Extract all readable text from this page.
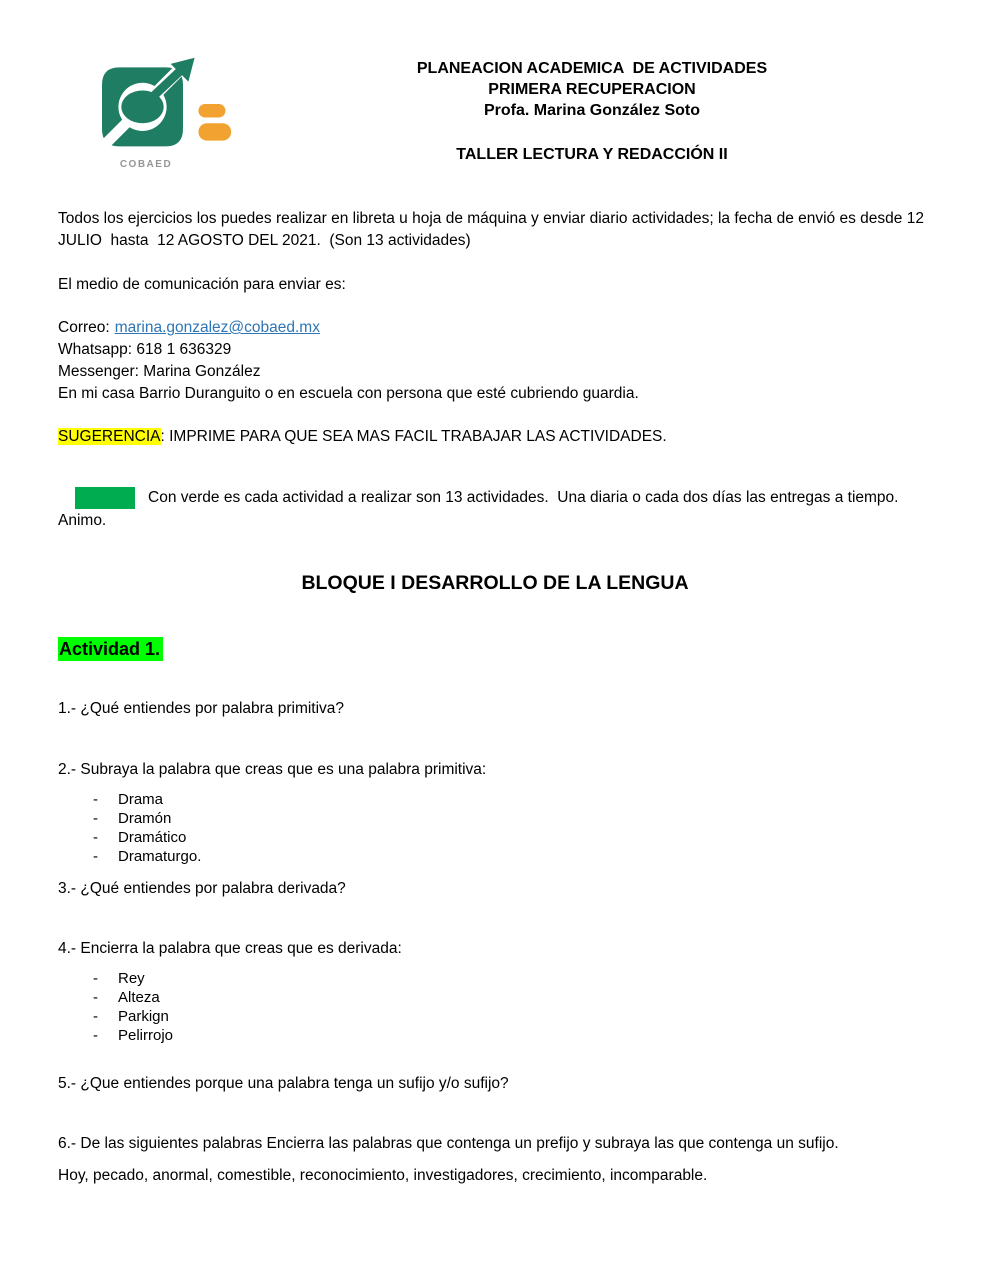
COBAED
PLANEACION ACADEMICA  DE ACTIVIDADES
PRIMERA RECUPERACION
Profa. Marina González Soto
TALLER LECTURA Y REDACCIÓN II

Todos los ejercicios los puedes realizar en libreta u hoja de máquina y enviar diario actividades; la fecha de envió es desde 12 JULIO  hasta  12 AGOSTO DEL 2021.  (Son 13 actividades)

El medio de comunicación para enviar es:

Correo: marina.gonzalez@cobaed.mx
Whatsapp: 618 1 636329
Messenger: Marina González
En mi casa Barrio Duranguito o en escuela con persona que esté cubriendo guardia.

SUGERENCIA: IMPRIME PARA QUE SEA MAS FACIL TRABAJAR LAS ACTIVIDADES.

Con verde es cada actividad a realizar son 13 actividades.  Una diaria o cada dos días las entregas a tiempo.
Animo.
BLOQUE I DESARROLLO DE LA LENGUA
Actividad 1.

1.- ¿Qué entiendes por palabra primitiva?

2.- Subraya la palabra que creas que es una palabra primitiva:

-	Drama
-	Dramón
-	Dramático
-	Dramaturgo.

3.- ¿Qué entiendes por palabra derivada?

4.- Encierra la palabra que creas que es derivada:

-	Rey
-	Alteza
-	Parkign
-	Pelirrojo

5.- ¿Que entiendes porque una palabra tenga un sufijo y/o sufijo?

6.- De las siguientes palabras Encierra las palabras que contenga un prefijo y subraya las que contenga un sufijo.

Hoy, pecado, anormal, comestible, reconocimiento, investigadores, crecimiento, incomparable.
